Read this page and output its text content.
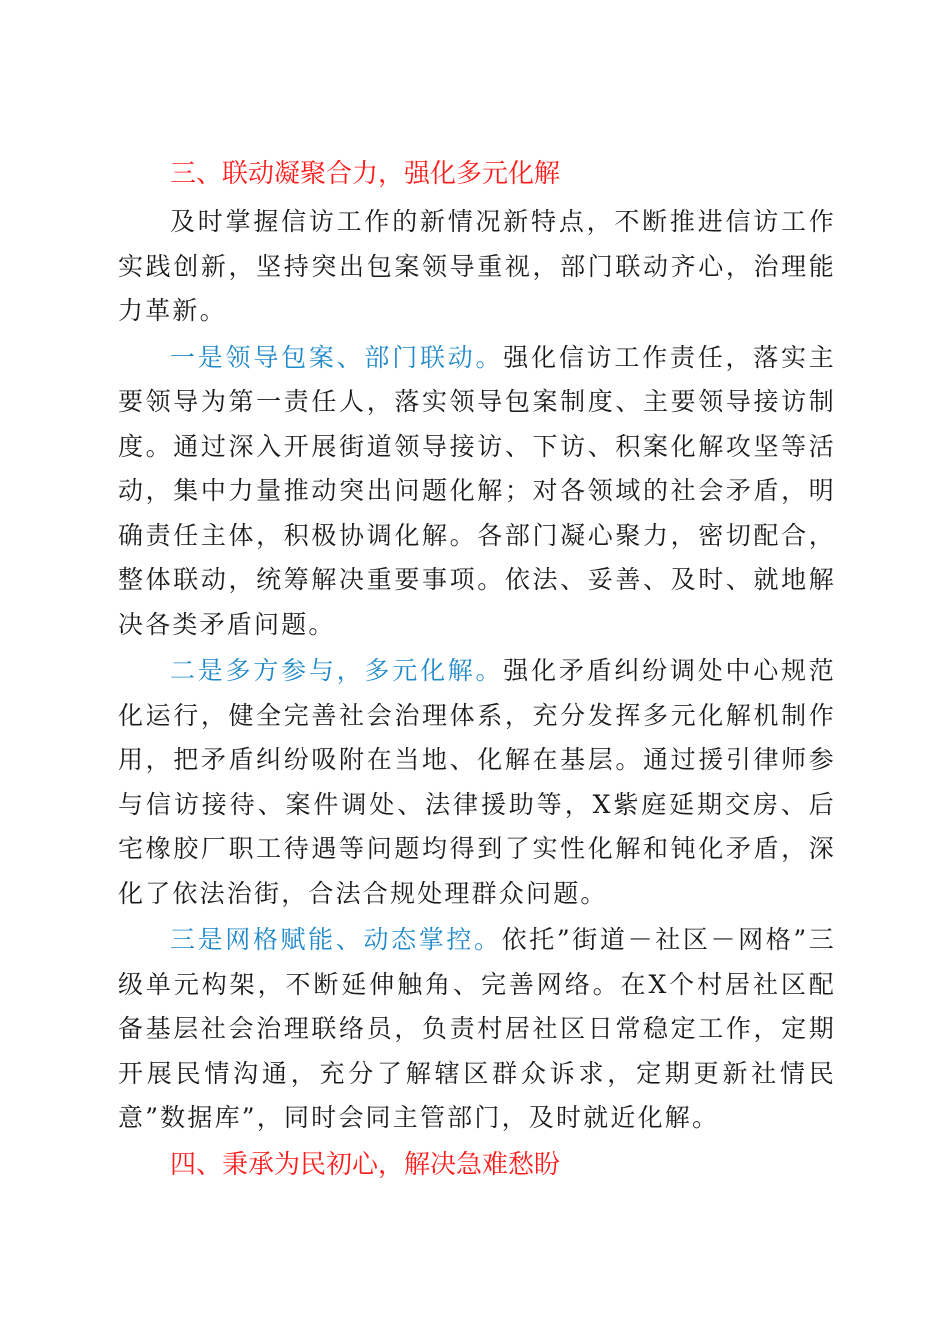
三、联动凝聚合力，强化多元化解

及时掌握信访工作的新情况新特点，不断推进信访工作实践创新，坚持突出包案领导重视，部门联动齐心，治理能力革新。

一是领导包案、部门联动。强化信访工作责任，落实主要领导为第一责任人，落实领导包案制度、主要领导接访制度。通过深入开展街道领导接访、下访、积案化解攻坚等活动，集中力量推动突出问题化解；对各领域的社会矛盾，明确责任主体，积极协调化解。各部门凝心聚力，密切配合，整体联动，统筹解决重要事项。依法、妥善、及时、就地解决各类矛盾问题。

二是多方参与，多元化解。强化矛盾纠纷调处中心规范化运行，健全完善社会治理体系，充分发挥多元化解机制作用，把矛盾纠纷吸附在当地、化解在基层。通过援引律师参与信访接待、案件调处、法律援助等，X紫庭延期交房、后宅橡胶厂职工待遇等问题均得到了实性化解和钝化矛盾，深化了依法治街，合法合规处理群众问题。

三是网格赋能、动态掌控。依托”街道－社区－网格”三级单元构架，不断延伸触角、完善网络。在X个村居社区配备基层社会治理联络员，负责村居社区日常稳定工作，定期开展民情沟通，充分了解辖区群众诉求，定期更新社情民意”数据库”，同时会同主管部门，及时就近化解。

四、秉承为民初心，解决急难愁盼
